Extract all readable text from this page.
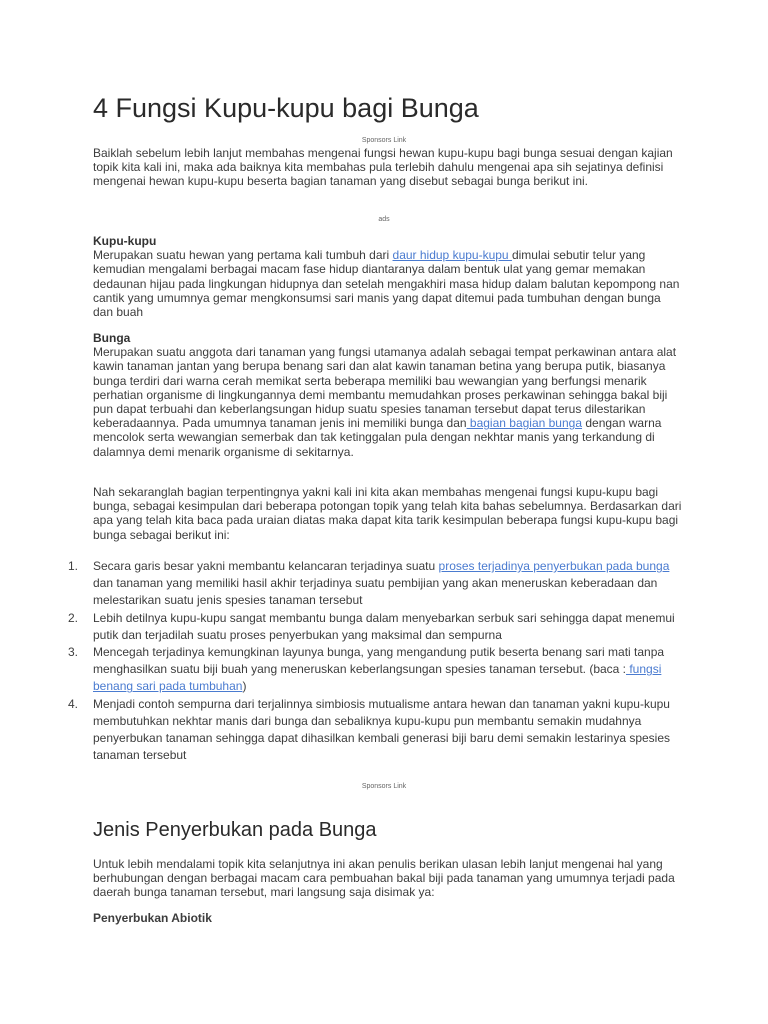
4 Fungsi Kupu-kupu bagi Bunga
Sponsors Link

Baiklah sebelum lebih lanjut membahas mengenai fungsi hewan kupu-kupu bagi bunga sesuai dengan kajian topik kita kali ini, maka ada baiknya kita membahas pula terlebih dahulu mengenai apa sih sejatinya definisi mengenai hewan kupu-kupu beserta bagian tanaman yang disebut sebagai bunga berikut ini.

ads

Kupu-kupu
Merupakan suatu hewan yang pertama kali tumbuh dari daur hidup kupu-kupu dimulai sebutir telur yang kemudian mengalami berbagai macam fase hidup diantaranya dalam bentuk ulat yang gemar memakan dedaunan hijau pada lingkungan hidupnya dan setelah mengakhiri masa hidup dalam balutan kepompong nan cantik yang umumnya gemar mengkonsumsi sari manis yang dapat ditemui pada tumbuhan dengan bunga dan buah

Bunga
Merupakan suatu anggota dari tanaman yang fungsi utamanya adalah sebagai tempat perkawinan antara alat kawin tanaman jantan yang berupa benang sari dan alat kawin tanaman betina yang berupa putik, biasanya bunga terdiri dari warna cerah memikat serta beberapa memiliki bau wewangian yang berfungsi menarik perhatian organisme di lingkungannya demi membantu memudahkan proses perkawinan sehingga bakal biji pun dapat terbuahi dan keberlangsungan hidup suatu spesies tanaman tersebut dapat terus dilestarikan keberadaannya. Pada umumnya tanaman jenis ini memiliki bunga dan bagian bagian bunga dengan warna mencolok serta wewangian semerbak dan tak ketinggalan pula dengan nekhtar manis yang terkandung di dalamnya demi menarik organisme di sekitarnya.

Nah sekaranglah bagian terpentingnya yakni kali ini kita akan membahas mengenai fungsi kupu-kupu bagi bunga, sebagai kesimpulan dari beberapa potongan topik yang telah kita bahas sebelumnya. Berdasarkan dari apa yang telah kita baca pada uraian diatas maka dapat kita tarik kesimpulan beberapa fungsi kupu-kupu bagi bunga sebagai berikut ini:

1. Secara garis besar yakni membantu kelancaran terjadinya suatu proses terjadinya penyerbukan pada bunga dan tanaman yang memiliki hasil akhir terjadinya suatu pembijian yang akan meneruskan keberadaan dan melestarikan suatu jenis spesies tanaman tersebut
2. Lebih detilnya kupu-kupu sangat membantu bunga dalam menyebarkan serbuk sari sehingga dapat menemui putik dan terjadilah suatu proses penyerbukan yang maksimal dan sempurna
3. Mencegah terjadinya kemungkinan layunya bunga, yang mengandung putik beserta benang sari mati tanpa menghasilkan suatu biji buah yang meneruskan keberlangsungan spesies tanaman tersebut. (baca : fungsi benang sari pada tumbuhan)
4. Menjadi contoh sempurna dari terjalinnya simbiosis mutualisme antara hewan dan tanaman yakni kupu-kupu membutuhkan nekhtar manis dari bunga dan sebaliknya kupu-kupu pun membantu semakin mudahnya penyerbukan tanaman sehingga dapat dihasilkan kembali generasi biji baru demi semakin lestarinya spesies tanaman tersebut
Sponsors Link
Jenis Penyerbukan pada Bunga

Untuk lebih mendalami topik kita selanjutnya ini akan penulis berikan ulasan lebih lanjut mengenai hal yang berhubungan dengan berbagai macam cara pembuahan bakal biji pada tanaman yang umumnya terjadi pada daerah bunga tanaman tersebut, mari langsung saja disimak ya:

Penyerbukan Abiotik
